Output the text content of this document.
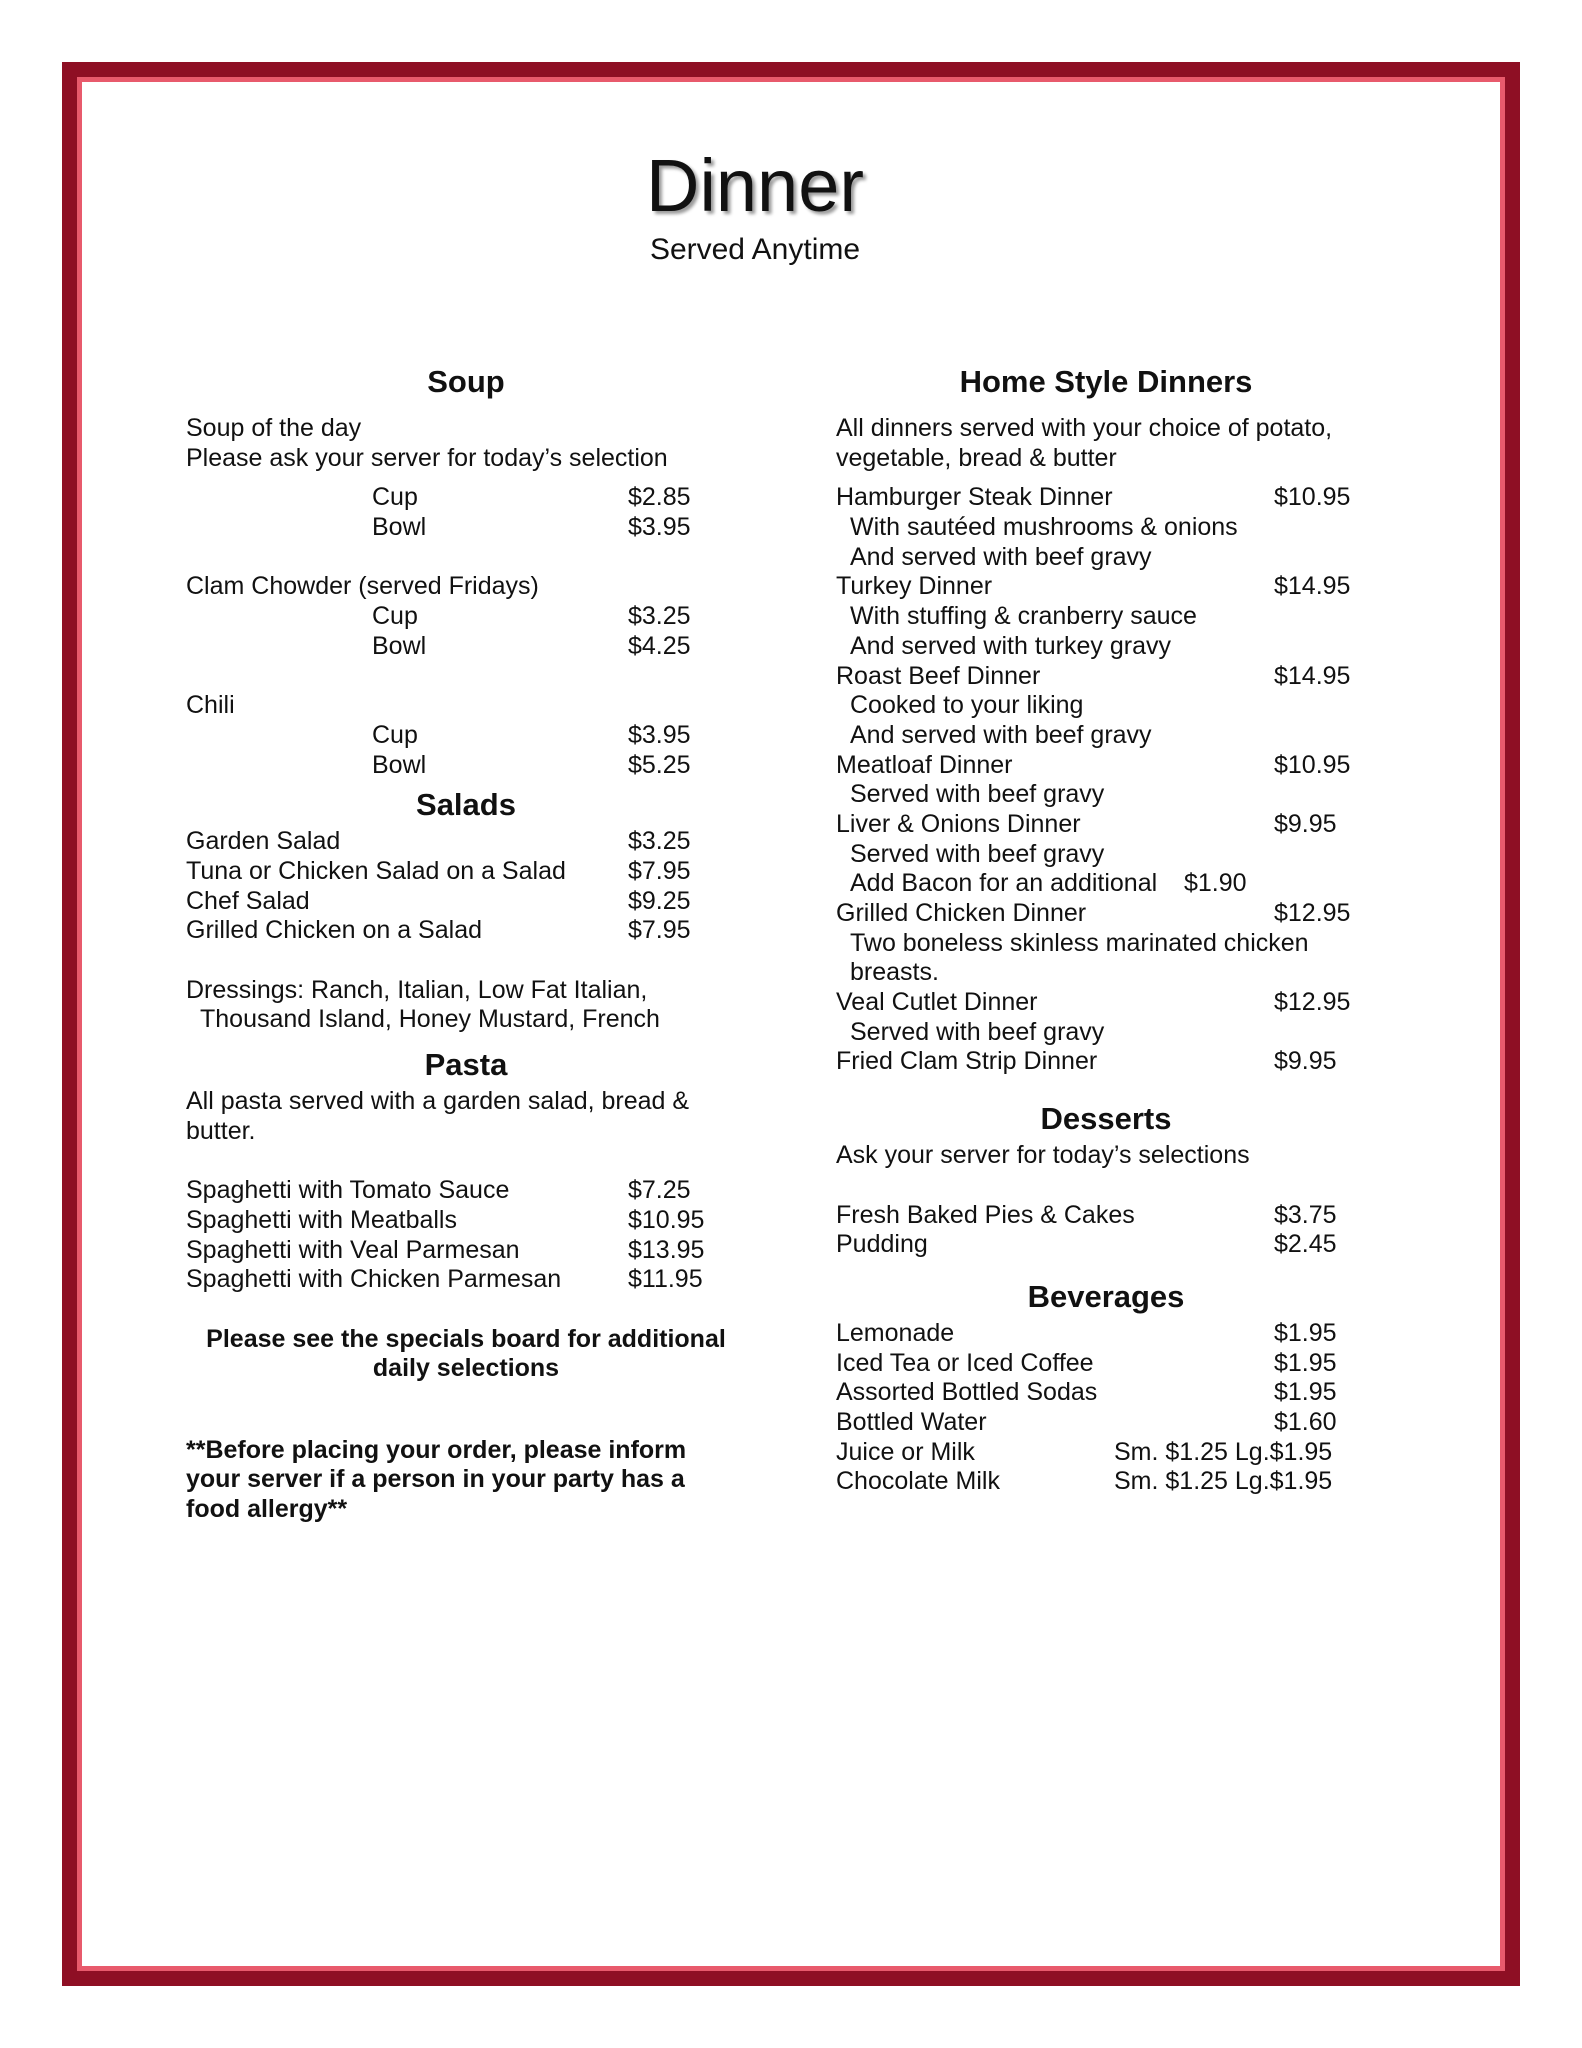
Dinner
Served Anytime
Soup
Soup of the day
Please ask your server for today’s selection
Cup	$2.85
Bowl	$3.95
Clam Chowder (served Fridays)
Cup	$3.25
Bowl	$4.25
Chili
Cup	$3.95
Bowl	$5.25
Salads
Garden Salad	$3.25
Tuna or Chicken Salad on a Salad $7.95
Chef Salad	$9.25
Grilled Chicken on a Salad	$7.95
Dressings: Ranch, Italian, Low Fat Italian,
Thousand Island, Honey Mustard, French
Pasta
All pasta served with a garden salad, bread &
butter.
Spaghetti with Tomato Sauce	$7.25
Spaghetti with Meatballs	$10.95
Spaghetti with Veal Parmesan	$13.95
Spaghetti with Chicken Parmesan	$11.95
Please see the specials board for additional
daily selections
**Before placing your order, please inform
your server if a person in your party has a
food allergy**
Home Style Dinners
All dinners served with your choice of potato,
vegetable, bread & butter
Hamburger Steak Dinner	$10.95
With sautéed mushrooms & onions
And served with beef gravy
Turkey Dinner	$14.95
With stuffing & cranberry sauce
And served with turkey gravy
Roast Beef Dinner	$14.95
Cooked to your liking
And served with beef gravy
Meatloaf Dinner	$10.95
Served with beef gravy
Liver & Onions Dinner	$9.95
Served with beef gravy
Add Bacon for an additional $1.90
Grilled Chicken Dinner	$12.95
Two boneless skinless marinated chicken
breasts.
Veal Cutlet Dinner	$12.95
Served with beef gravy
Fried Clam Strip Dinner	$9.95
Desserts
Ask your server for today’s selections
Fresh Baked Pies & Cakes	$3.75
Pudding	$2.45
Beverages
Lemonade	$1.95
Iced Tea or Iced Coffee	$1.95
Assorted Bottled Sodas	$1.95
Bottled Water	$1.60
Juice or Milk	Sm. $1.25 Lg.$1.95
Chocolate Milk	Sm. $1.25 Lg.$1.95
